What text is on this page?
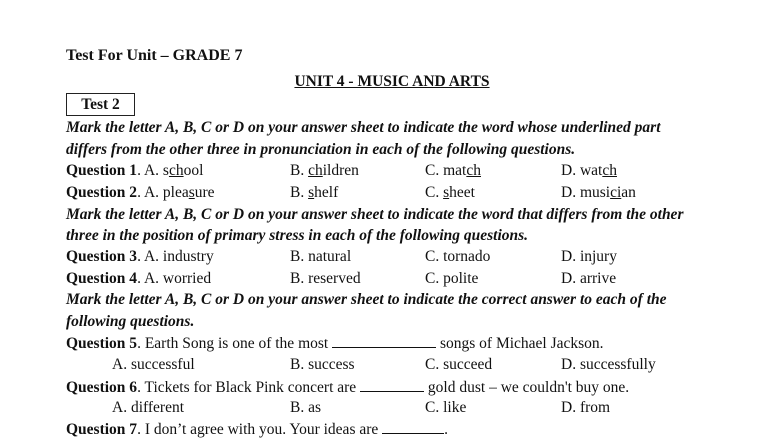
Test For Unit – GRADE 7
UNIT 4 - MUSIC AND ARTS
Test 2
Mark the letter A, B, C or D on your answer sheet to indicate the word whose underlined part
differs from the other three in pronunciation in each of the following questions.
Question 1. A. school	B. children	C. match	D. watch
Question 2. A. pleasure	B. shelf	C. sheet	D. musician
Mark the letter A, B, C or D on your answer sheet to indicate the word that differs from the other
three in the position of primary stress in each of the following questions.
Question 3. A. industry	B. natural	C. tornado	D. injury
Question 4. A. worried	B. reserved	C. polite	D. arrive
Mark the letter A, B, C or D on your answer sheet to indicate the correct answer to each of the
following questions.
Question 5. Earth Song is one of the most	songs of Michael Jackson.
A. successful	B. success	C. succeed	D. successfully
Question 6. Tickets for Black Pink concert are	gold dust – we couldn't buy one.
A. different	B. as	C. like	D. from
Question 7. I don’t agree with you. Your ideas are	.
